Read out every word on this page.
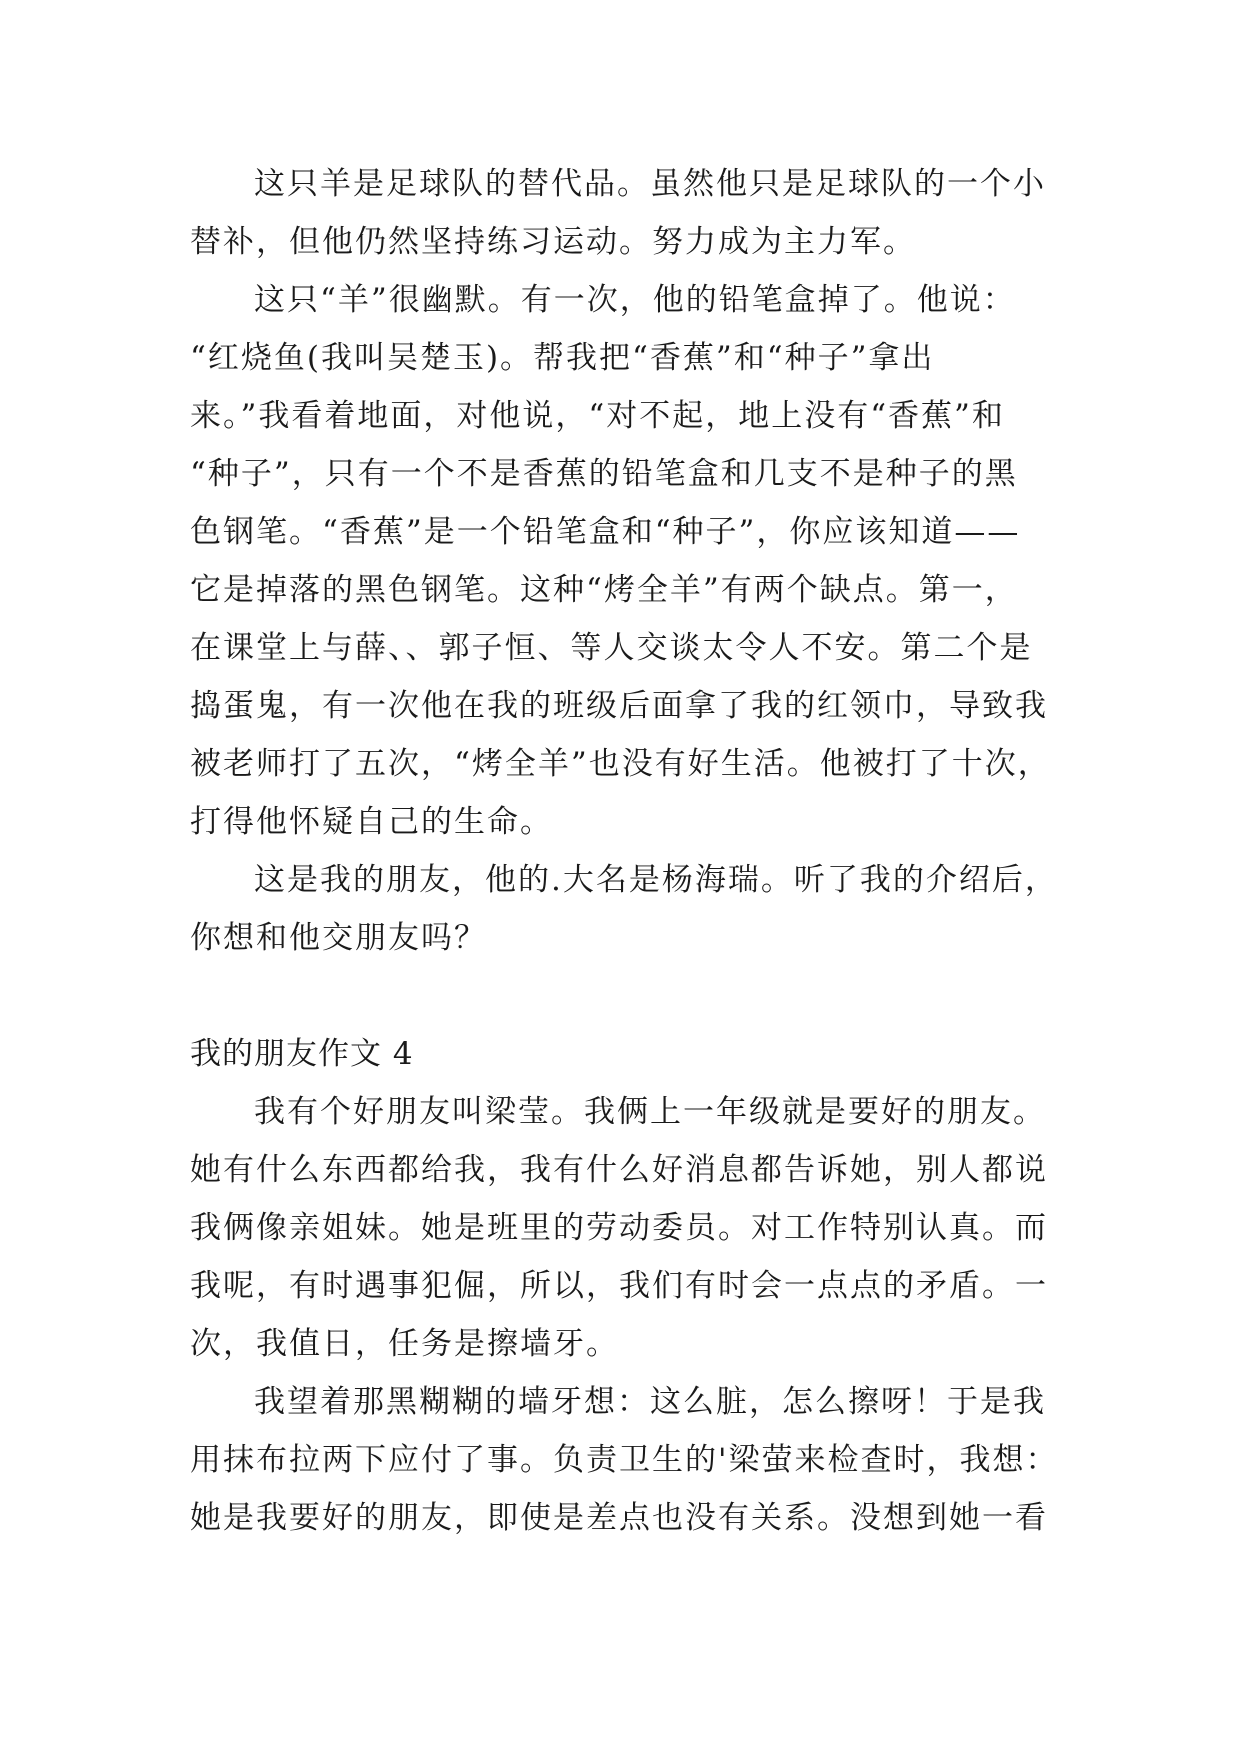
这只羊是足球队的替代品。虽然他只是足球队的一个小
替补，但他仍然坚持练习运动。努力成为主力军。
这只“羊”很幽默。有一次，他的铅笔盒掉了。他说：
“红烧鱼(我叫吴楚玉)。帮我把“香蕉”和“种子”拿出
来。”我看着地面，对他说，“对不起，地上没有“香蕉”和
“种子”，只有一个不是香蕉的铅笔盒和几支不是种子的黑
色钢笔。“香蕉”是一个铅笔盒和“种子”，你应该知道——
它是掉落的黑色钢笔。这种“烤全羊”有两个缺点。第一，
在课堂上与薛、、郭子恒、等人交谈太令人不安。第二个是
捣蛋鬼，有一次他在我的班级后面拿了我的红领巾，导致我
被老师打了五次，“烤全羊”也没有好生活。他被打了十次，
打得他怀疑自己的生命。
这是我的朋友，他的.大名是杨海瑞。听了我的介绍后，
你想和他交朋友吗？
我的朋友作文 4
我有个好朋友叫梁莹。我俩上一年级就是要好的朋友。
她有什么东西都给我，我有什么好消息都告诉她，别人都说
我俩像亲姐妹。她是班里的劳动委员。对工作特别认真。而
我呢，有时遇事犯倔，所以，我们有时会一点点的矛盾。一
次，我值日，任务是擦墙牙。
我望着那黑糊糊的墙牙想：这么脏，怎么擦呀！于是我
用抹布拉两下应付了事。负责卫生的'梁萤来检查时，我想：
她是我要好的朋友，即使是差点也没有关系。没想到她一看
